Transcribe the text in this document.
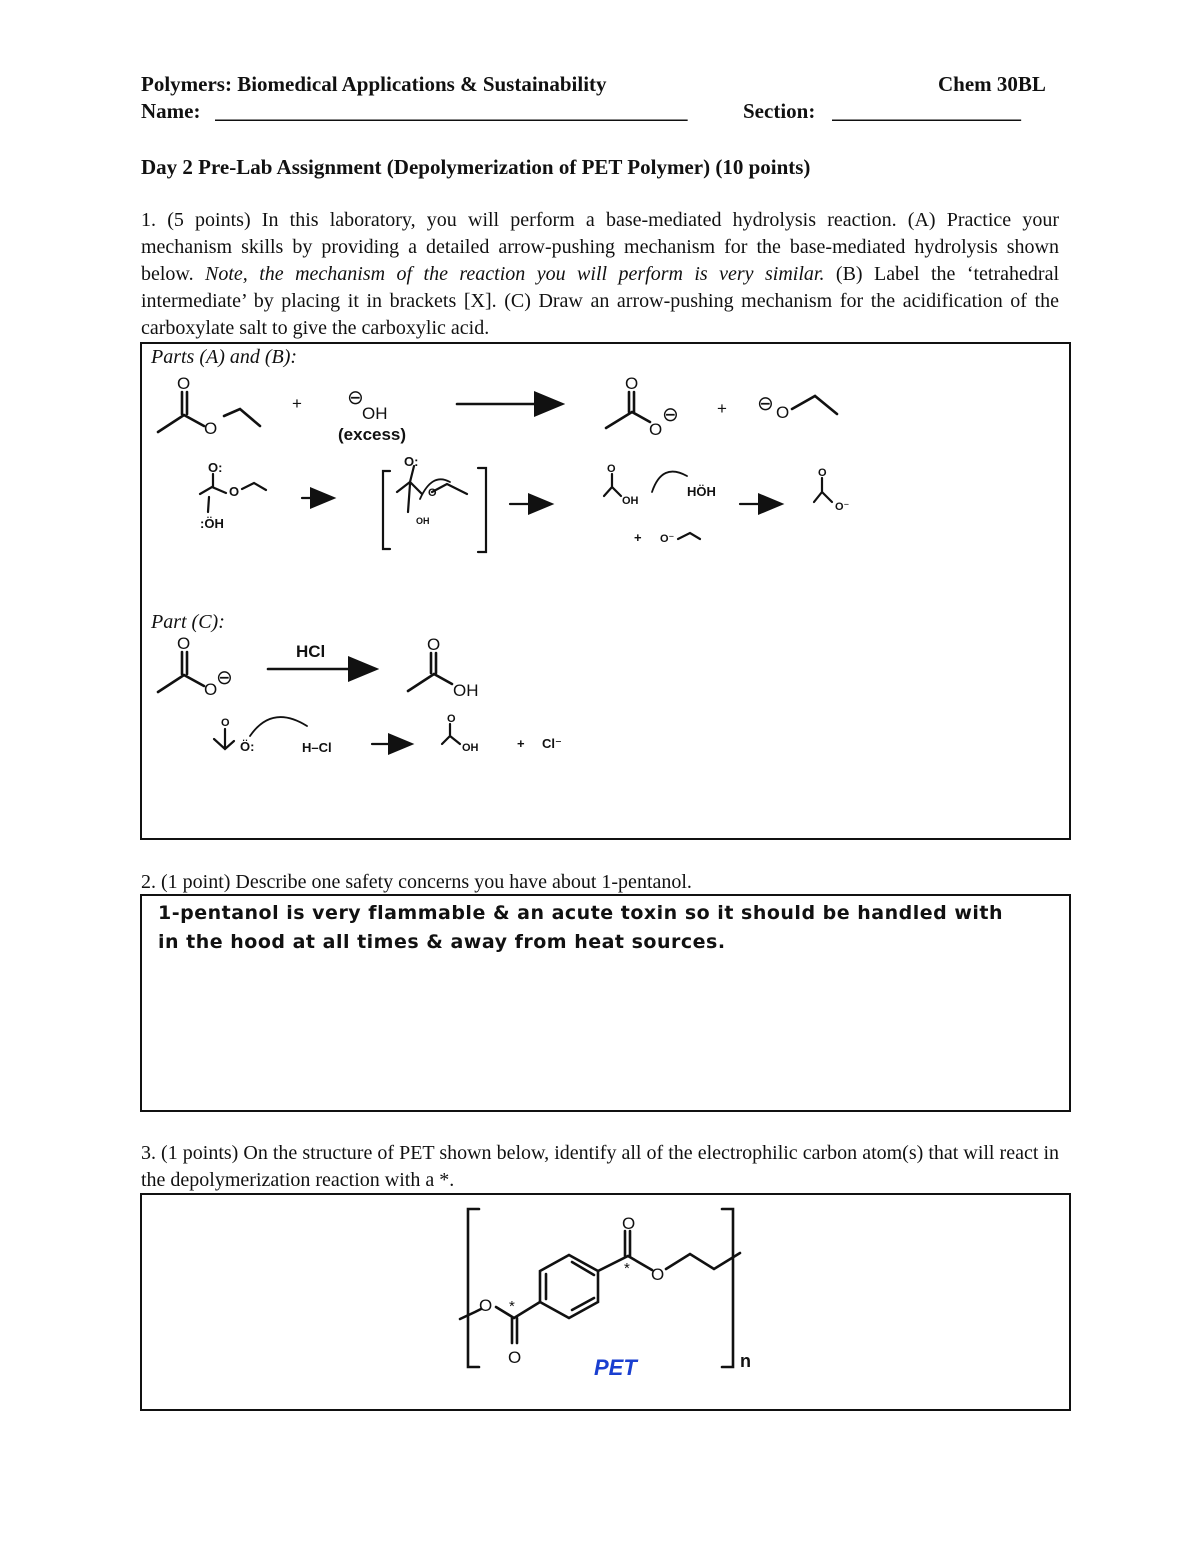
Polymers: Biomedical Applications & Sustainability	Chem 30BL
Name: _____________________________________________	Section: __________________
Day 2 Pre-Lab Assignment (Depolymerization of PET Polymer) (10 points)
1. (5 points) In this laboratory, you will perform a base-mediated hydrolysis reaction. (A) Practice your mechanism skills by providing a detailed arrow-pushing mechanism for the base-mediated hydrolysis shown below. Note, the mechanism of the reaction you will perform is very similar. (B) Label the ‘tetrahedral intermediate’ by placing it in brackets [X]. (C) Draw an arrow-pushing mechanism for the acidification of the carboxylate salt to give the carboxylic acid.
Parts (A) and (B):
Part (C):
O
O
+ ⊖
OH
(excess)
O
O
⊖ + ⊖ O
O
O
⊖
HCl	O
OH
O:
O
:ÖH
O:
OH
O
O
OH
HÖH
+ O⁻
O
O⁻
O
Ö:	H–Cl
O
OH	+ Cl⁻
2. (1 point) Describe one safety concerns you have about 1-pentanol.
1-pentanol is very flammable & an acute toxin so it should be handled with
in the hood at all times & away from heat sources.
3. (1 points) On the structure of PET shown below, identify all of the electrophilic carbon atom(s) that will react in the depolymerization reaction with a *.
O
O
O
O
*
*
n
PET
